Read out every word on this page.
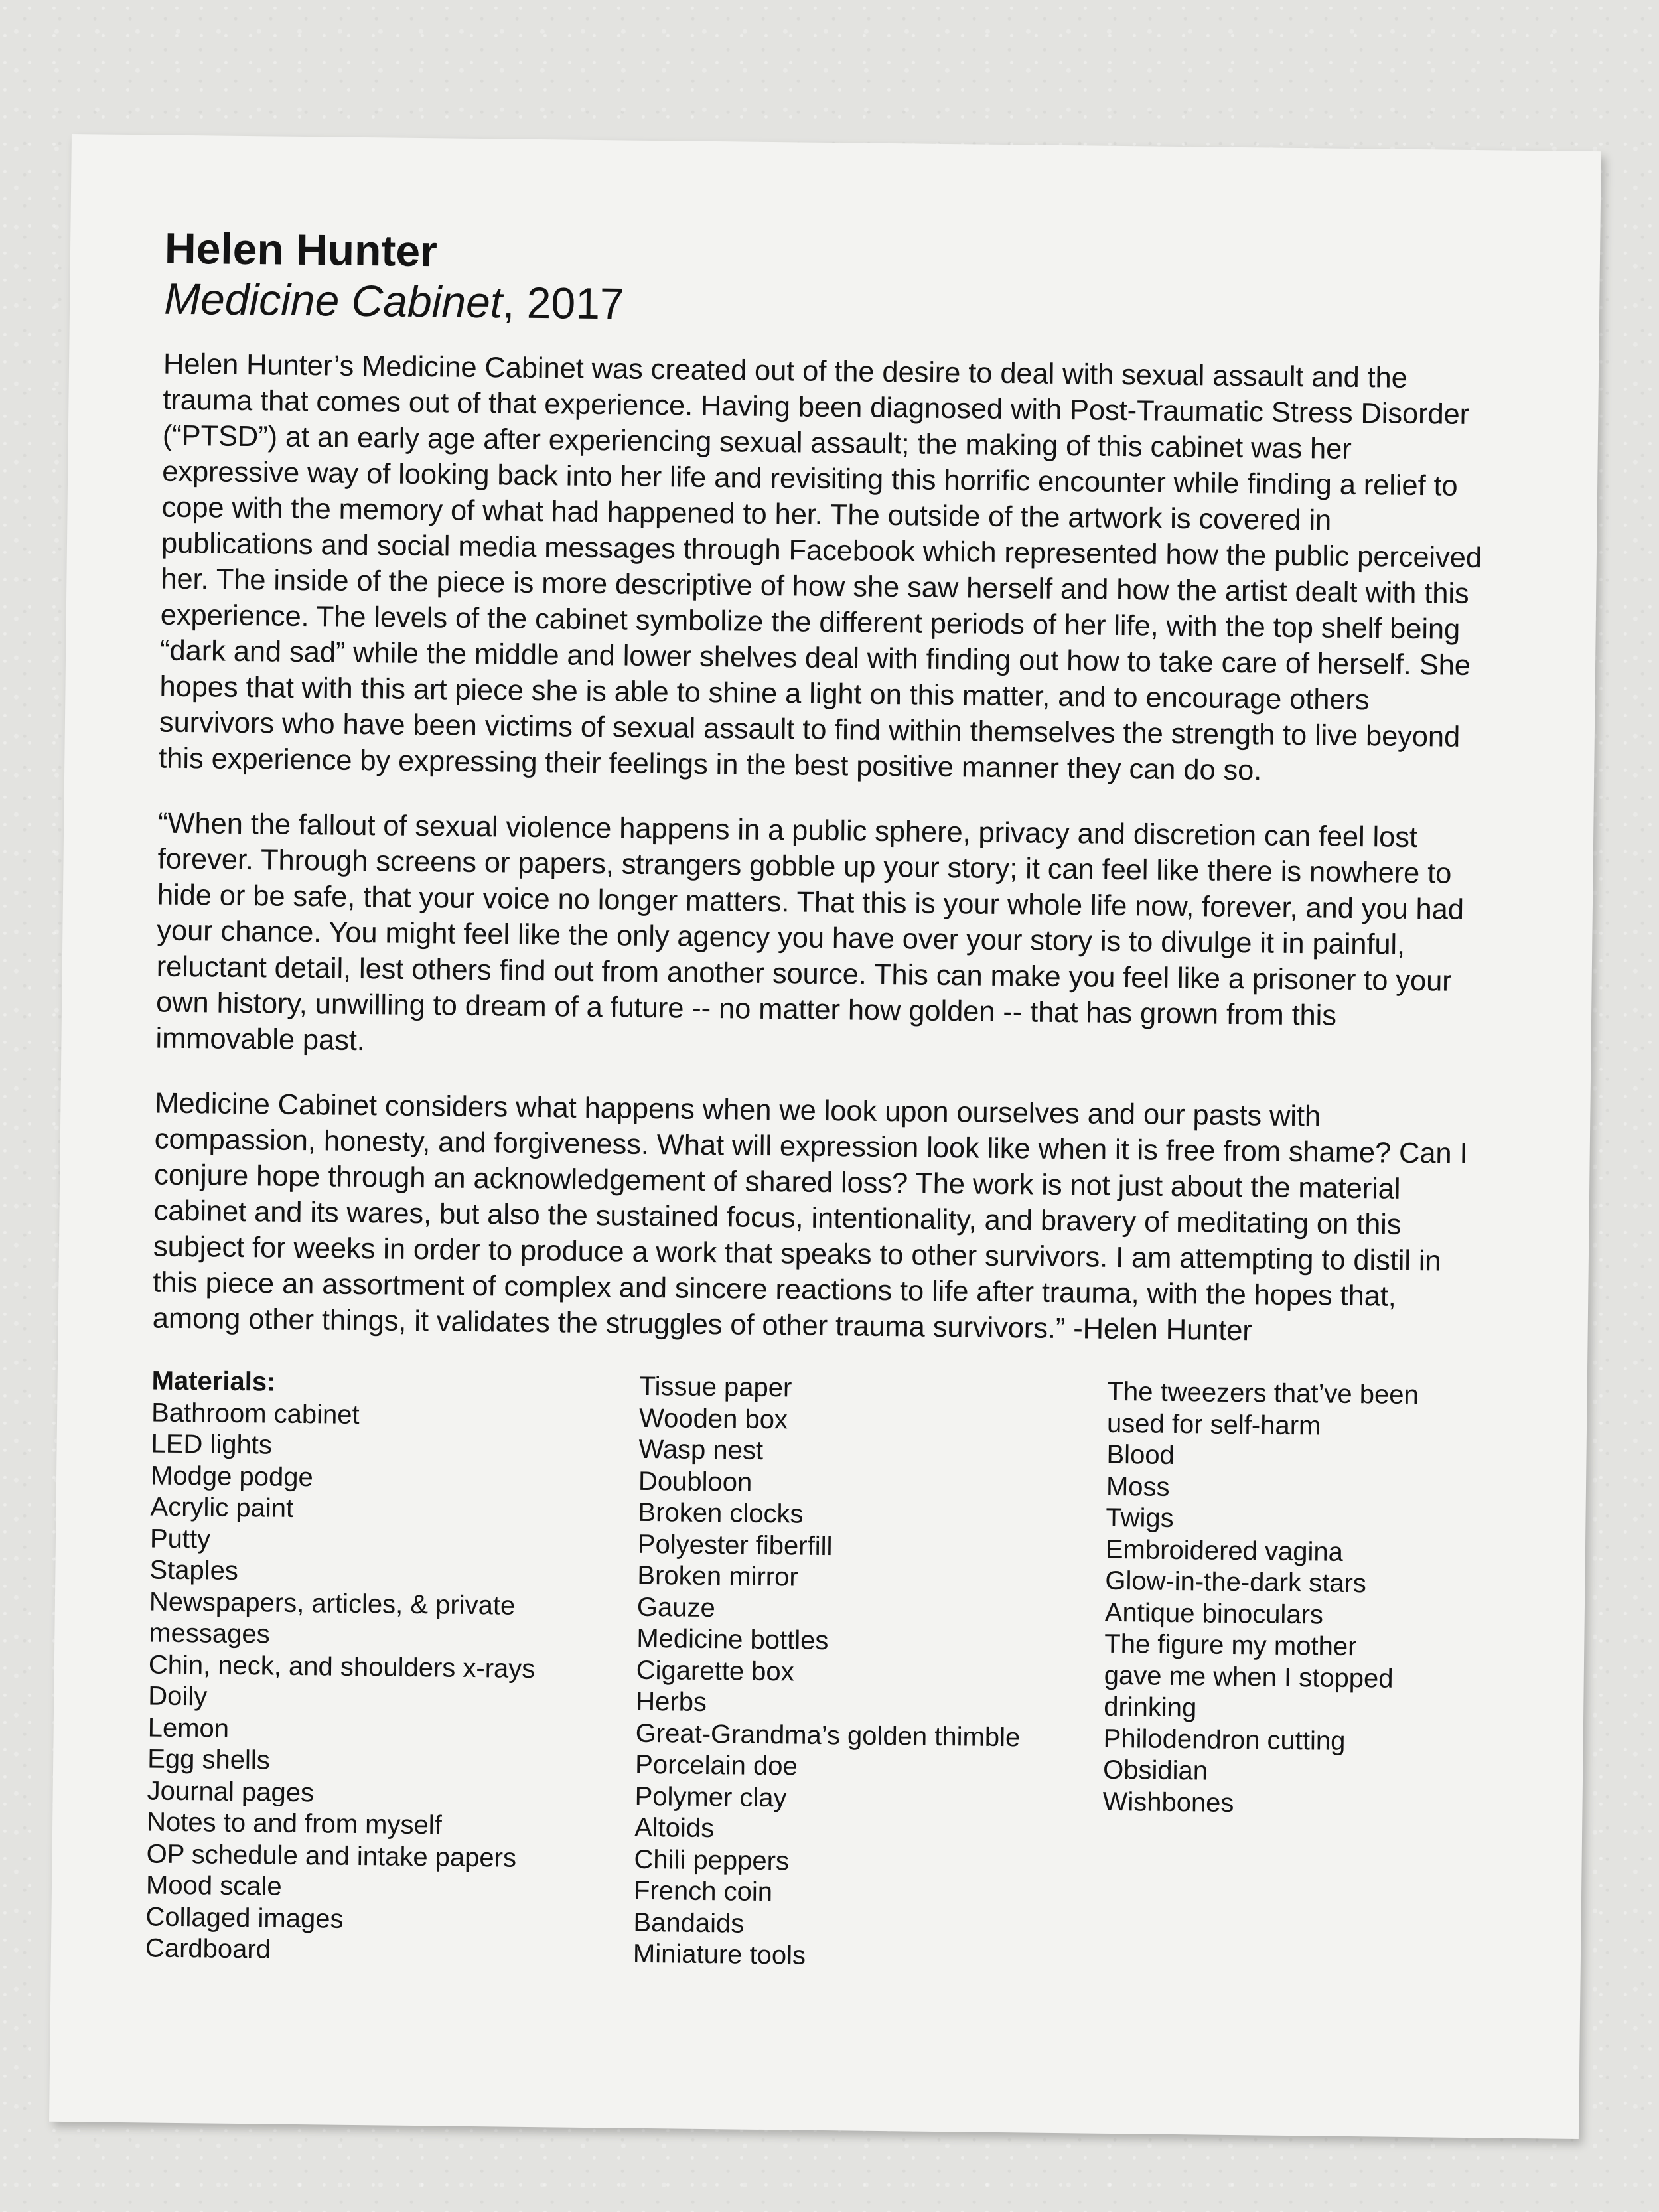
Helen Hunter
Medicine Cabinet, 2017

Helen Hunter’s Medicine Cabinet was created out of the desire to deal with sexual assault and the trauma that comes out of that experience. Having been diagnosed with Post-Traumatic Stress Disorder (“PTSD”) at an early age after experiencing sexual assault; the making of this cabinet was her expressive way of looking back into her life and revisiting this horrific encounter while finding a relief to cope with the memory of what had happened to her. The outside of the artwork is covered in publications and social media messages through Facebook which represented how the public perceived her. The inside of the piece is more descriptive of how she saw herself and how the artist dealt with this experience. The levels of the cabinet symbolize the different periods of her life, with the top shelf being “dark and sad” while the middle and lower shelves deal with finding out how to take care of herself. She hopes that with this art piece she is able to shine a light on this matter, and to encourage others survivors who have been victims of sexual assault to find within themselves the strength to live beyond this experience by expressing their feelings in the best positive manner they can do so.

“When the fallout of sexual violence happens in a public sphere, privacy and discretion can feel lost forever. Through screens or papers, strangers gobble up your story; it can feel like there is nowhere to hide or be safe, that your voice no longer matters. That this is your whole life now, forever, and you had your chance. You might feel like the only agency you have over your story is to divulge it in painful, reluctant detail, lest others find out from another source. This can make you feel like a prisoner to your own history, unwilling to dream of a future -- no matter how golden -- that has grown from this immovable past.

Medicine Cabinet considers what happens when we look upon ourselves and our pasts with compassion, honesty, and forgiveness. What will expression look like when it is free from shame? Can I conjure hope through an acknowledgement of shared loss? The work is not just about the material cabinet and its wares, but also the sustained focus, intentionality, and bravery of meditating on this subject for weeks in order to produce a work that speaks to other survivors. I am attempting to distil in this piece an assortment of complex and sincere reactions to life after trauma, with the hopes that, among other things, it validates the struggles of other trauma survivors.” -Helen Hunter

Materials:
Bathroom cabinet
LED lights
Modge podge
Acrylic paint
Putty
Staples
Newspapers, articles, & private
messages
Chin, neck, and shoulders x-rays
Doily
Lemon
Egg shells
Journal pages
Notes to and from myself
OP schedule and intake papers
Mood scale
Collaged images
Cardboard
Tissue paper
Wooden box
Wasp nest
Doubloon
Broken clocks
Polyester fiberfill
Broken mirror
Gauze
Medicine bottles
Cigarette box
Herbs
Great-Grandma’s golden thimble
Porcelain doe
Polymer clay
Altoids
Chili peppers
French coin
Bandaids
Miniature tools
The tweezers that’ve been
used for self-harm
Blood
Moss
Twigs
Embroidered vagina
Glow-in-the-dark stars
Antique binoculars
The figure my mother
gave me when I stopped
drinking
Philodendron cutting
Obsidian
Wishbones
